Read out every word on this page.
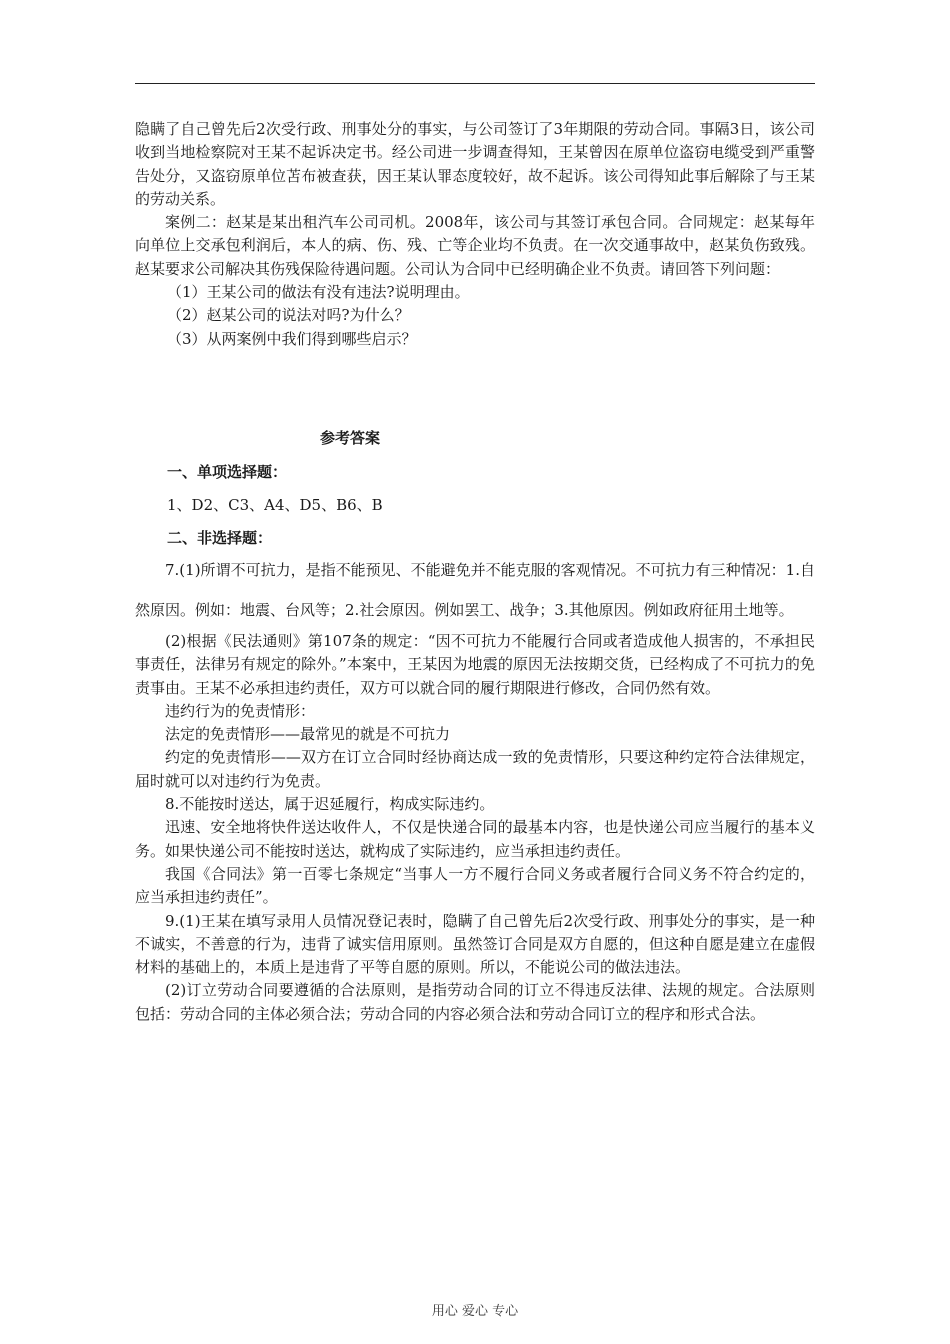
隐瞒了自己曾先后2次受行政、刑事处分的事实，与公司签订了3年期限的劳动合同。事隔3日，该公司收到当地检察院对王某不起诉决定书。经公司进一步调查得知，王某曾因在原单位盗窃电缆受到严重警告处分，又盗窃原单位苫布被查获，因王某认罪态度较好，故不起诉。该公司得知此事后解除了与王某的劳动关系。

案例二：赵某是某出租汽车公司司机。2008年，该公司与其签订承包合同。合同规定：赵某每年向单位上交承包利润后，本人的病、伤、残、亡等企业均不负责。在一次交通事故中，赵某负伤致残。赵某要求公司解决其伤残保险待遇问题。公司认为合同中已经明确企业不负责。请回答下列问题：

（1）王某公司的做法有没有违法?说明理由。

（2）赵某公司的说法对吗?为什么？

（3）从两案例中我们得到哪些启示？

参考答案

一、单项选择题：

1、D2、C3、A4、D5、B6、B

二、非选择题：

7.(1)所谓不可抗力，是指不能预见、不能避免并不能克服的客观情况。不可抗力有三种情况：1.自然原因。例如：地震、台风等；2.社会原因。例如罢工、战争；3.其他原因。例如政府征用土地等。

(2)根据《民法通则》第107条的规定：“因不可抗力不能履行合同或者造成他人损害的，不承担民事责任，法律另有规定的除外。”本案中，王某因为地震的原因无法按期交货，已经构成了不可抗力的免责事由。王某不必承担违约责任，双方可以就合同的履行期限进行修改，合同仍然有效。

违约行为的免责情形：

法定的免责情形——最常见的就是不可抗力

约定的免责情形——双方在订立合同时经协商达成一致的免责情形，只要这种约定符合法律规定，届时就可以对违约行为免责。

8.不能按时送达，属于迟延履行，构成实际违约。

迅速、安全地将快件送达收件人，不仅是快递合同的最基本内容，也是快递公司应当履行的基本义务。如果快递公司不能按时送达，就构成了实际违约，应当承担违约责任。

我国《合同法》第一百零七条规定“当事人一方不履行合同义务或者履行合同义务不符合约定的，应当承担违约责任”。

9.(1)王某在填写录用人员情况登记表时，隐瞒了自己曾先后2次受行政、刑事处分的事实，是一种不诚实，不善意的行为，违背了诚实信用原则。虽然签订合同是双方自愿的，但这种自愿是建立在虚假材料的基础上的，本质上是违背了平等自愿的原则。所以，不能说公司的做法违法。

(2)订立劳动合同要遵循的合法原则，是指劳动合同的订立不得违反法律、法规的规定。合法原则包括：劳动合同的主体必须合法；劳动合同的内容必须合法和劳动合同订立的程序和形式合法。

用心 爱心 专心
